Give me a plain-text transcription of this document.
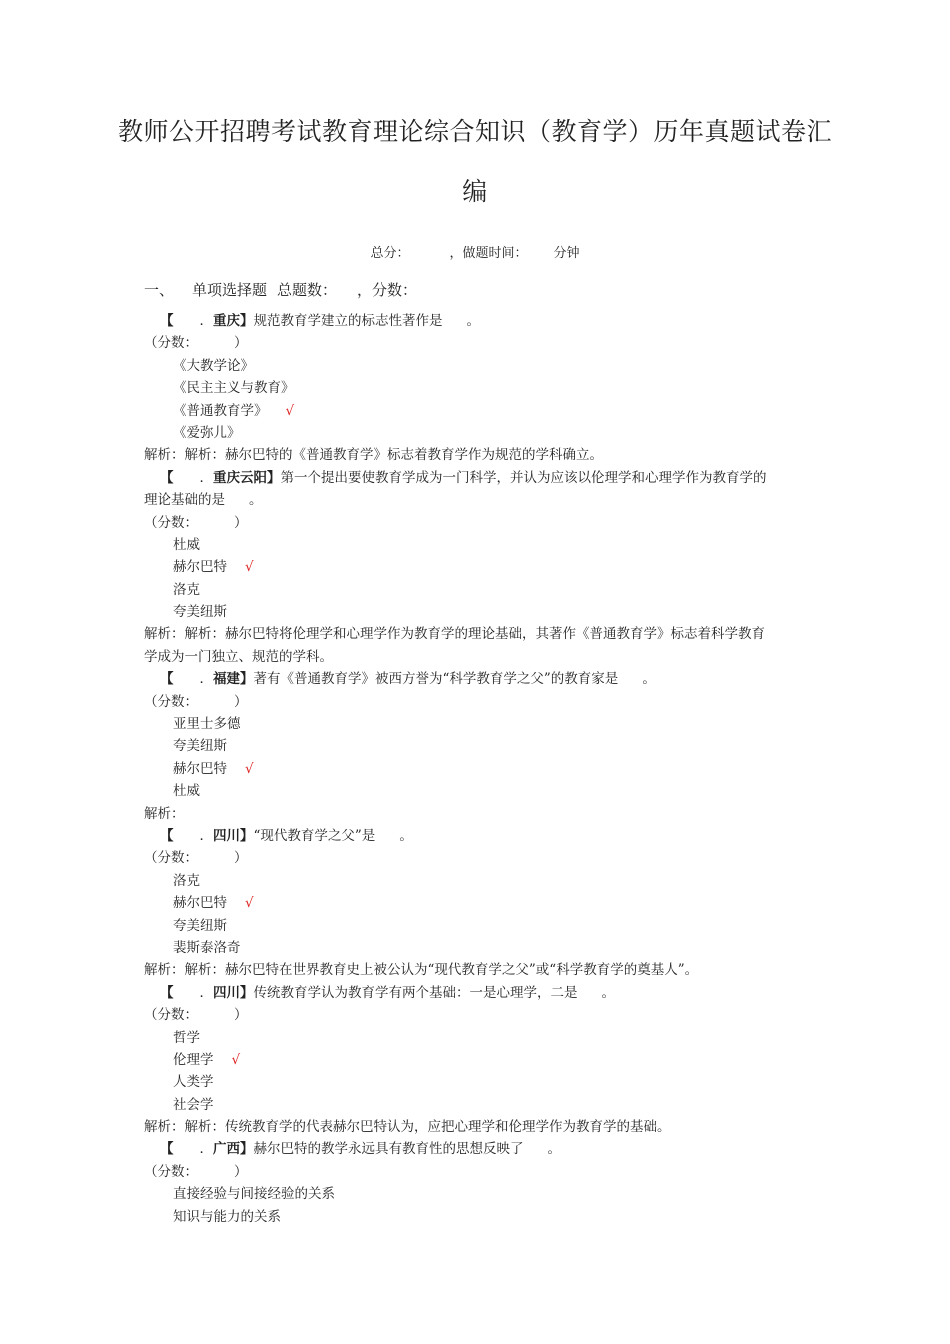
教师公开招聘考试教育理论综合知识（教育学）历年真题试卷汇
编
总分：	，做题时间： 分钟
一、 单项选择题 总题数： ，分数：
【 ．重庆】规范教育学建立的标志性著作是 。
（分数：	）
《大教学论》
《民主主义与教育》
《普通教育学》 √
《爱弥儿》
解析：解析：赫尔巴特的《普通教育学》标志着教育学作为规范的学科确立。
【 ．重庆云阳】第一个提出要使教育学成为一门科学，并认为应该以伦理学和心理学作为教育学的
理论基础的是 。
（分数：	）
杜威
赫尔巴特 √
洛克
夸美纽斯
解析：解析：赫尔巴特将伦理学和心理学作为教育学的理论基础，其著作《普通教育学》标志着科学教育
学成为一门独立、规范的学科。
【 ．福建】著有《普通教育学》被西方誉为“科学教育学之父”的教育家是 。
（分数：	）
亚里士多德
夸美纽斯
赫尔巴特 √
杜威
解析：
【 ．四川】“现代教育学之父”是 。
（分数：	）
洛克
赫尔巴特 √
夸美纽斯
裴斯泰洛奇
解析：解析：赫尔巴特在世界教育史上被公认为“现代教育学之父”或“科学教育学的奠基人”。
【 ．四川】传统教育学认为教育学有两个基础：一是心理学，二是 。
（分数：	）
哲学
伦理学 √
人类学
社会学
解析：解析：传统教育学的代表赫尔巴特认为，应把心理学和伦理学作为教育学的基础。
【 ．广西】赫尔巴特的教学永远具有教育性的思想反映了 。
（分数：	）
直接经验与间接经验的关系
知识与能力的关系
